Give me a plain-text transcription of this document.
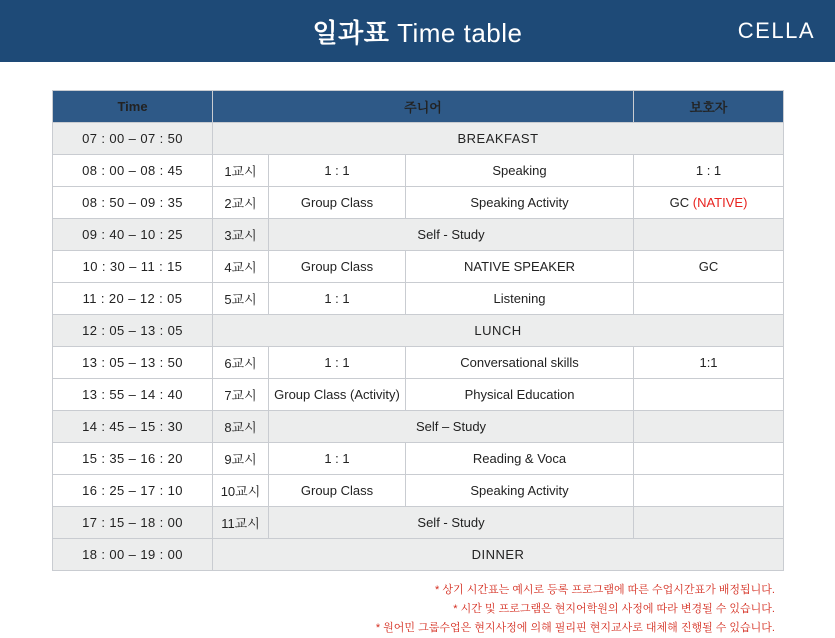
일과표 Time table	CELLA
Time	주니어			보호자
07 : 00 – 07 : 50	BREAKFAST			
08 : 00 – 08 : 45	1교시	1 : 1	Speaking	1 : 1
08 : 50 – 09 : 35	2교시	Group Class	Speaking Activity	GC (NATIVE)
09 : 40 – 10 : 25	3교시	Self - Study		
10 : 30 – 11 : 15	4교시	Group Class	NATIVE SPEAKER	GC
11 : 20 – 12 : 05	5교시	1 : 1	Listening	
12 : 05 – 13 : 05	LUNCH			
13 : 05 – 13 : 50	6교시	1 : 1	Conversational skills	1:1
13 : 55 – 14 : 40	7교시	Group Class (Activity)	Physical Education	
14 : 45 – 15 : 30	8교시	Self – Study		
15 : 35 – 16 : 20	9교시	1 : 1	Reading & Voca	
16 : 25 – 17 : 10	10교시	Group Class	Speaking Activity	
17 : 15 – 18 : 00	11교시	Self - Study		
18 : 00 – 19 : 00	DINNER			
* 상기 시간표는 예시로 등록 프로그램에 따른 수업시간표가 배정됩니다.
* 시간 및 프로그램은 현지어학원의 사정에 따라 변경될 수 있습니다.
* 원어민 그룹수업은 현지사정에 의해 필리핀 현지교사로 대체해 진행될 수 있습니다.
